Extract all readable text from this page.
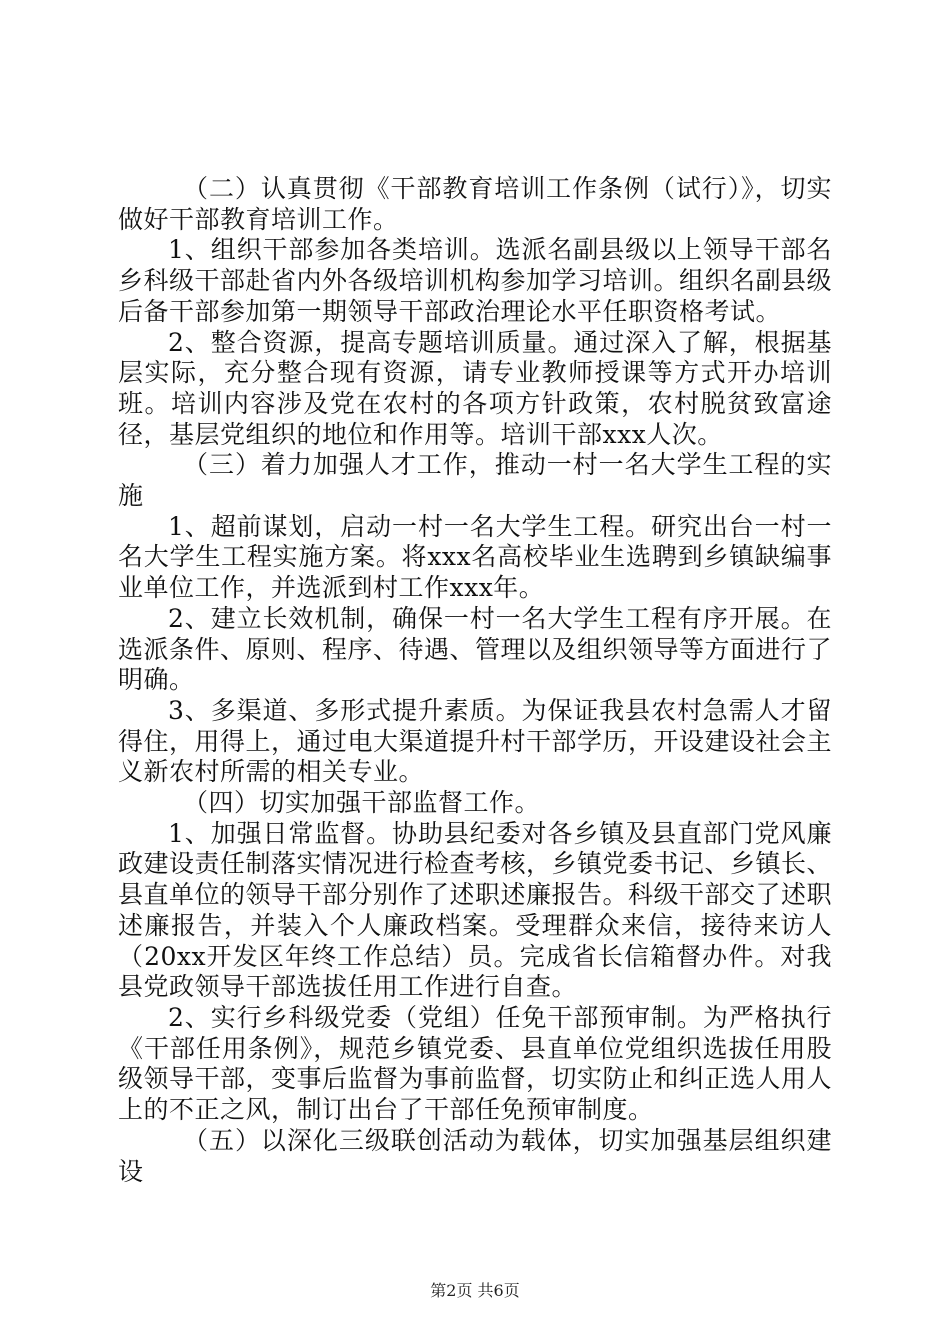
（二）认真贯彻《干部教育培训工作条例（试行）》，切实做好干部教育培训工作。

1、组织干部参加各类培训。选派名副县级以上领导干部名乡科级干部赴省内外各级培训机构参加学习培训。组织名副县级后备干部参加第一期领导干部政治理论水平任职资格考试。

2、整合资源，提高专题培训质量。通过深入了解，根据基层实际，充分整合现有资源，请专业教师授课等方式开办培训班。培训内容涉及党在农村的各项方针政策，农村脱贫致富途径，基层党组织的地位和作用等。培训干部xxx人次。

（三）着力加强人才工作，推动一村一名大学生工程的实施

1、超前谋划，启动一村一名大学生工程。研究出台一村一名大学生工程实施方案。将xxx名高校毕业生选聘到乡镇缺编事业单位工作，并选派到村工作xxx年。

2、建立长效机制，确保一村一名大学生工程有序开展。在选派条件、原则、程序、待遇、管理以及组织领导等方面进行了明确。

3、多渠道、多形式提升素质。为保证我县农村急需人才留得住，用得上，通过电大渠道提升村干部学历，开设建设社会主义新农村所需的相关专业。

（四）切实加强干部监督工作。

1、加强日常监督。协助县纪委对各乡镇及县直部门党风廉政建设责任制落实情况进行检查考核，乡镇党委书记、乡镇长、县直单位的领导干部分别作了述职述廉报告。科级干部交了述职述廉报告，并装入个人廉政档案。受理群众来信，接待来访人（20xx开发区年终工作总结）员。完成省长信箱督办件。对我县党政领导干部选拔任用工作进行自查。

2、实行乡科级党委（党组）任免干部预审制。为严格执行《干部任用条例》，规范乡镇党委、县直单位党组织选拔任用股级领导干部，变事后监督为事前监督，切实防止和纠正选人用人上的不正之风，制订出台了干部任免预审制度。

（五）以深化三级联创活动为载体，切实加强基层组织建设

第2页 共6页
